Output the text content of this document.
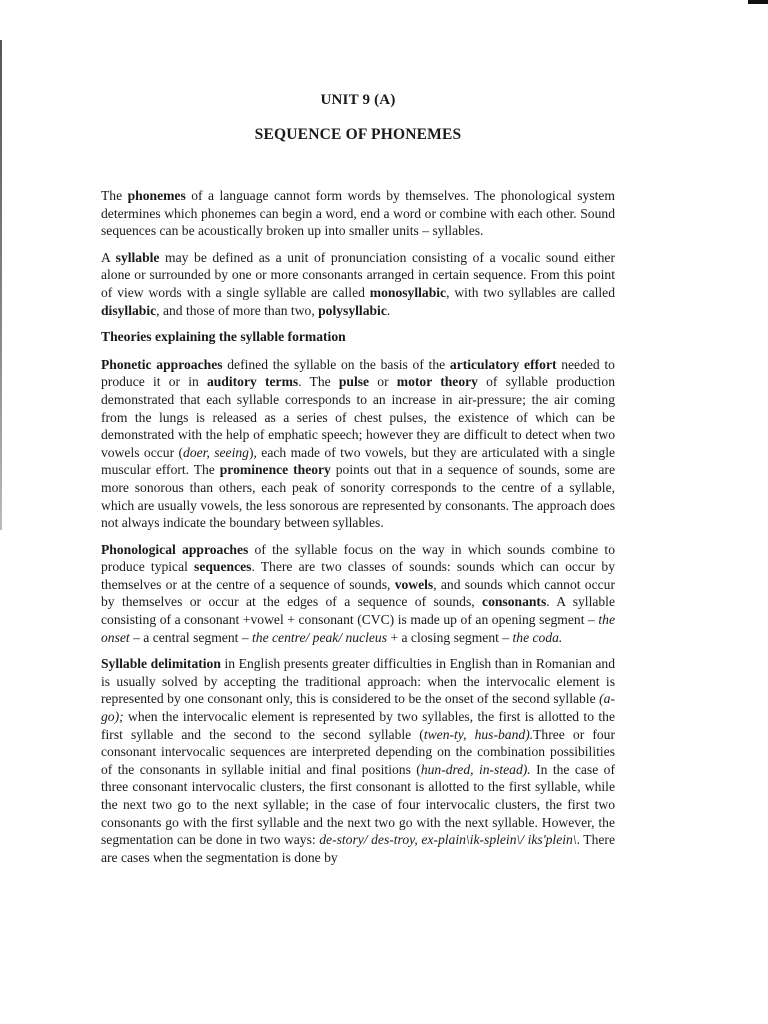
UNIT 9 (A)
SEQUENCE OF PHONEMES

The phonemes of a language cannot form words by themselves. The phonological system determines which phonemes can begin a word, end a word or combine with each other. Sound sequences can be acoustically broken up into smaller units – syllables.

A syllable may be defined as a unit of pronunciation consisting of a vocalic sound either alone or surrounded by one or more consonants arranged in certain sequence. From this point of view words with a single syllable are called monosyllabic, with two syllables are called disyllabic, and those of more than two, polysyllabic.

Theories explaining the syllable formation

Phonetic approaches defined the syllable on the basis of the articulatory effort needed to produce it or in auditory terms. The pulse or motor theory of syllable production demonstrated that each syllable corresponds to an increase in air-pressure; the air coming from the lungs is released as a series of chest pulses, the existence of which can be demonstrated with the help of emphatic speech; however they are difficult to detect when two vowels occur (doer, seeing), each made of two vowels, but they are articulated with a single muscular effort. The prominence theory points out that in a sequence of sounds, some are more sonorous than others, each peak of sonority corresponds to the centre of a syllable, which are usually vowels, the less sonorous are represented by consonants. The approach does not always indicate the boundary between syllables.

Phonological approaches of the syllable focus on the way in which sounds combine to produce typical sequences. There are two classes of sounds: sounds which can occur by themselves or at the centre of a sequence of sounds, vowels, and sounds which cannot occur by themselves or occur at the edges of a sequence of sounds, consonants. A syllable consisting of a consonant +vowel + consonant (CVC) is made up of an opening segment – the onset – a central segment – the centre/ peak/ nucleus + a closing segment – the coda.

Syllable delimitation in English presents greater difficulties in English than in Romanian and is usually solved by accepting the traditional approach: when the intervocalic element is represented by one consonant only, this is considered to be the onset of the second syllable (a-go); when the intervocalic element is represented by two syllables, the first is allotted to the first syllable and the second to the second syllable (twen-ty, hus-band).Three or four consonant intervocalic sequences are interpreted depending on the combination possibilities of the consonants in syllable initial and final positions (hun-dred, in-stead). In the case of three consonant intervocalic clusters, the first consonant is allotted to the first syllable, while the next two go to the next syllable; in the case of four intervocalic clusters, the first two consonants go with the first syllable and the next two go with the next syllable. However, the segmentation can be done in two ways: de-story/ des-troy, ex-plain\ik-splein\/ iks'plein\. There are cases when the segmentation is done by
